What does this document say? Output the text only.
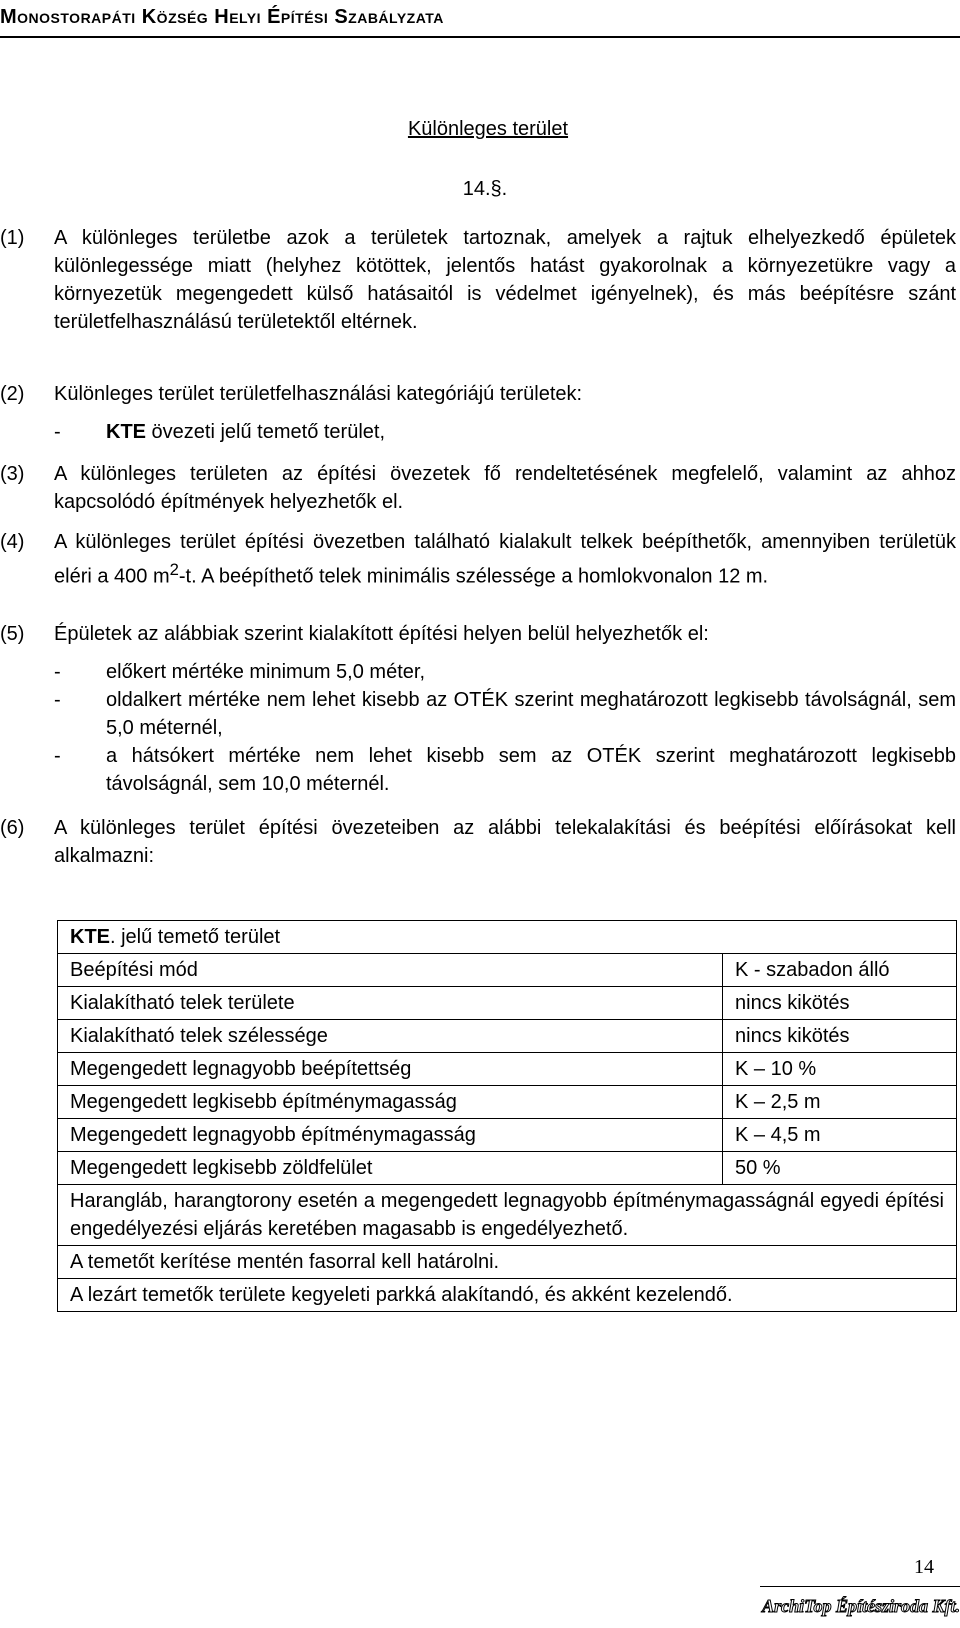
Monostorapáti Község Helyi Építési Szabályzata
Különleges terület
14.§.
(1) A különleges területbe azok a területek tartoznak, amelyek a rajtuk elhelyezkedő épületek különlegessége miatt (helyhez kötöttek, jelentős hatást gyakorolnak a környezetükre vagy a környezetük megengedett külső hatásaitól is védelmet igényelnek), és más beépítésre szánt területfelhasználású területektől eltérnek.
(2) Különleges terület területfelhasználási kategóriájú területek:
- KTE övezeti jelű temető terület,
(3) A különleges területen az építési övezetek fő rendeltetésének megfelelő, valamint az ahhoz kapcsolódó építmények helyezhetők el.
(4) A különleges terület építési övezetben található kialakult telkek beépíthetők, amennyiben területük eléri a 400 $m^2-t$. A beépíthető telek minimális szélessége a homlokvonalon 12 m.
(5) Épületek az alábbiak szerint kialakított építési helyen belül helyezhetők el:
- előkert mértéke minimum 5,0 méter,
- oldalkert mértéke nem lehet kisebb az OTÉK szerint meghatározott legkisebb távolságnál, sem 5,0 méternél,
- a hátsókert mértéke nem lehet kisebb sem az OTÉK szerint meghatározott legkisebb távolságnál, sem 10,0 méternél.
(6) A különleges terület építési övezeteiben az alábbi telekalakítási és beépítési előírásokat kell alkalmazni:
KTE. jelű temető terület	
Beépítési mód	K - szabadon álló
Kialakítható telek területe	nincs kikötés
Kialakítható telek szélessége	nincs kikötés
Megengedett legnagyobb beépítettség	K – 10 %
Megengedett legkisebb építménymagasság	K – 2,5 m
Megengedett legnagyobb építménymagasság	K – 4,5 m
Megengedett legkisebb zöldfelület	50 %
Harangláb, harangtorony esetén a megengedett legnagyobb építménymagasságnál egyedi építési engedélyezési eljárás keretében magasabb is engedélyezhető.	
A temetőt kerítése mentén fasorral kell határolni.	
A lezárt temetők területe kegyeleti parkká alakítandó, és akként kezelendő.	
14
ArchiTop Építésziroda Kft.
